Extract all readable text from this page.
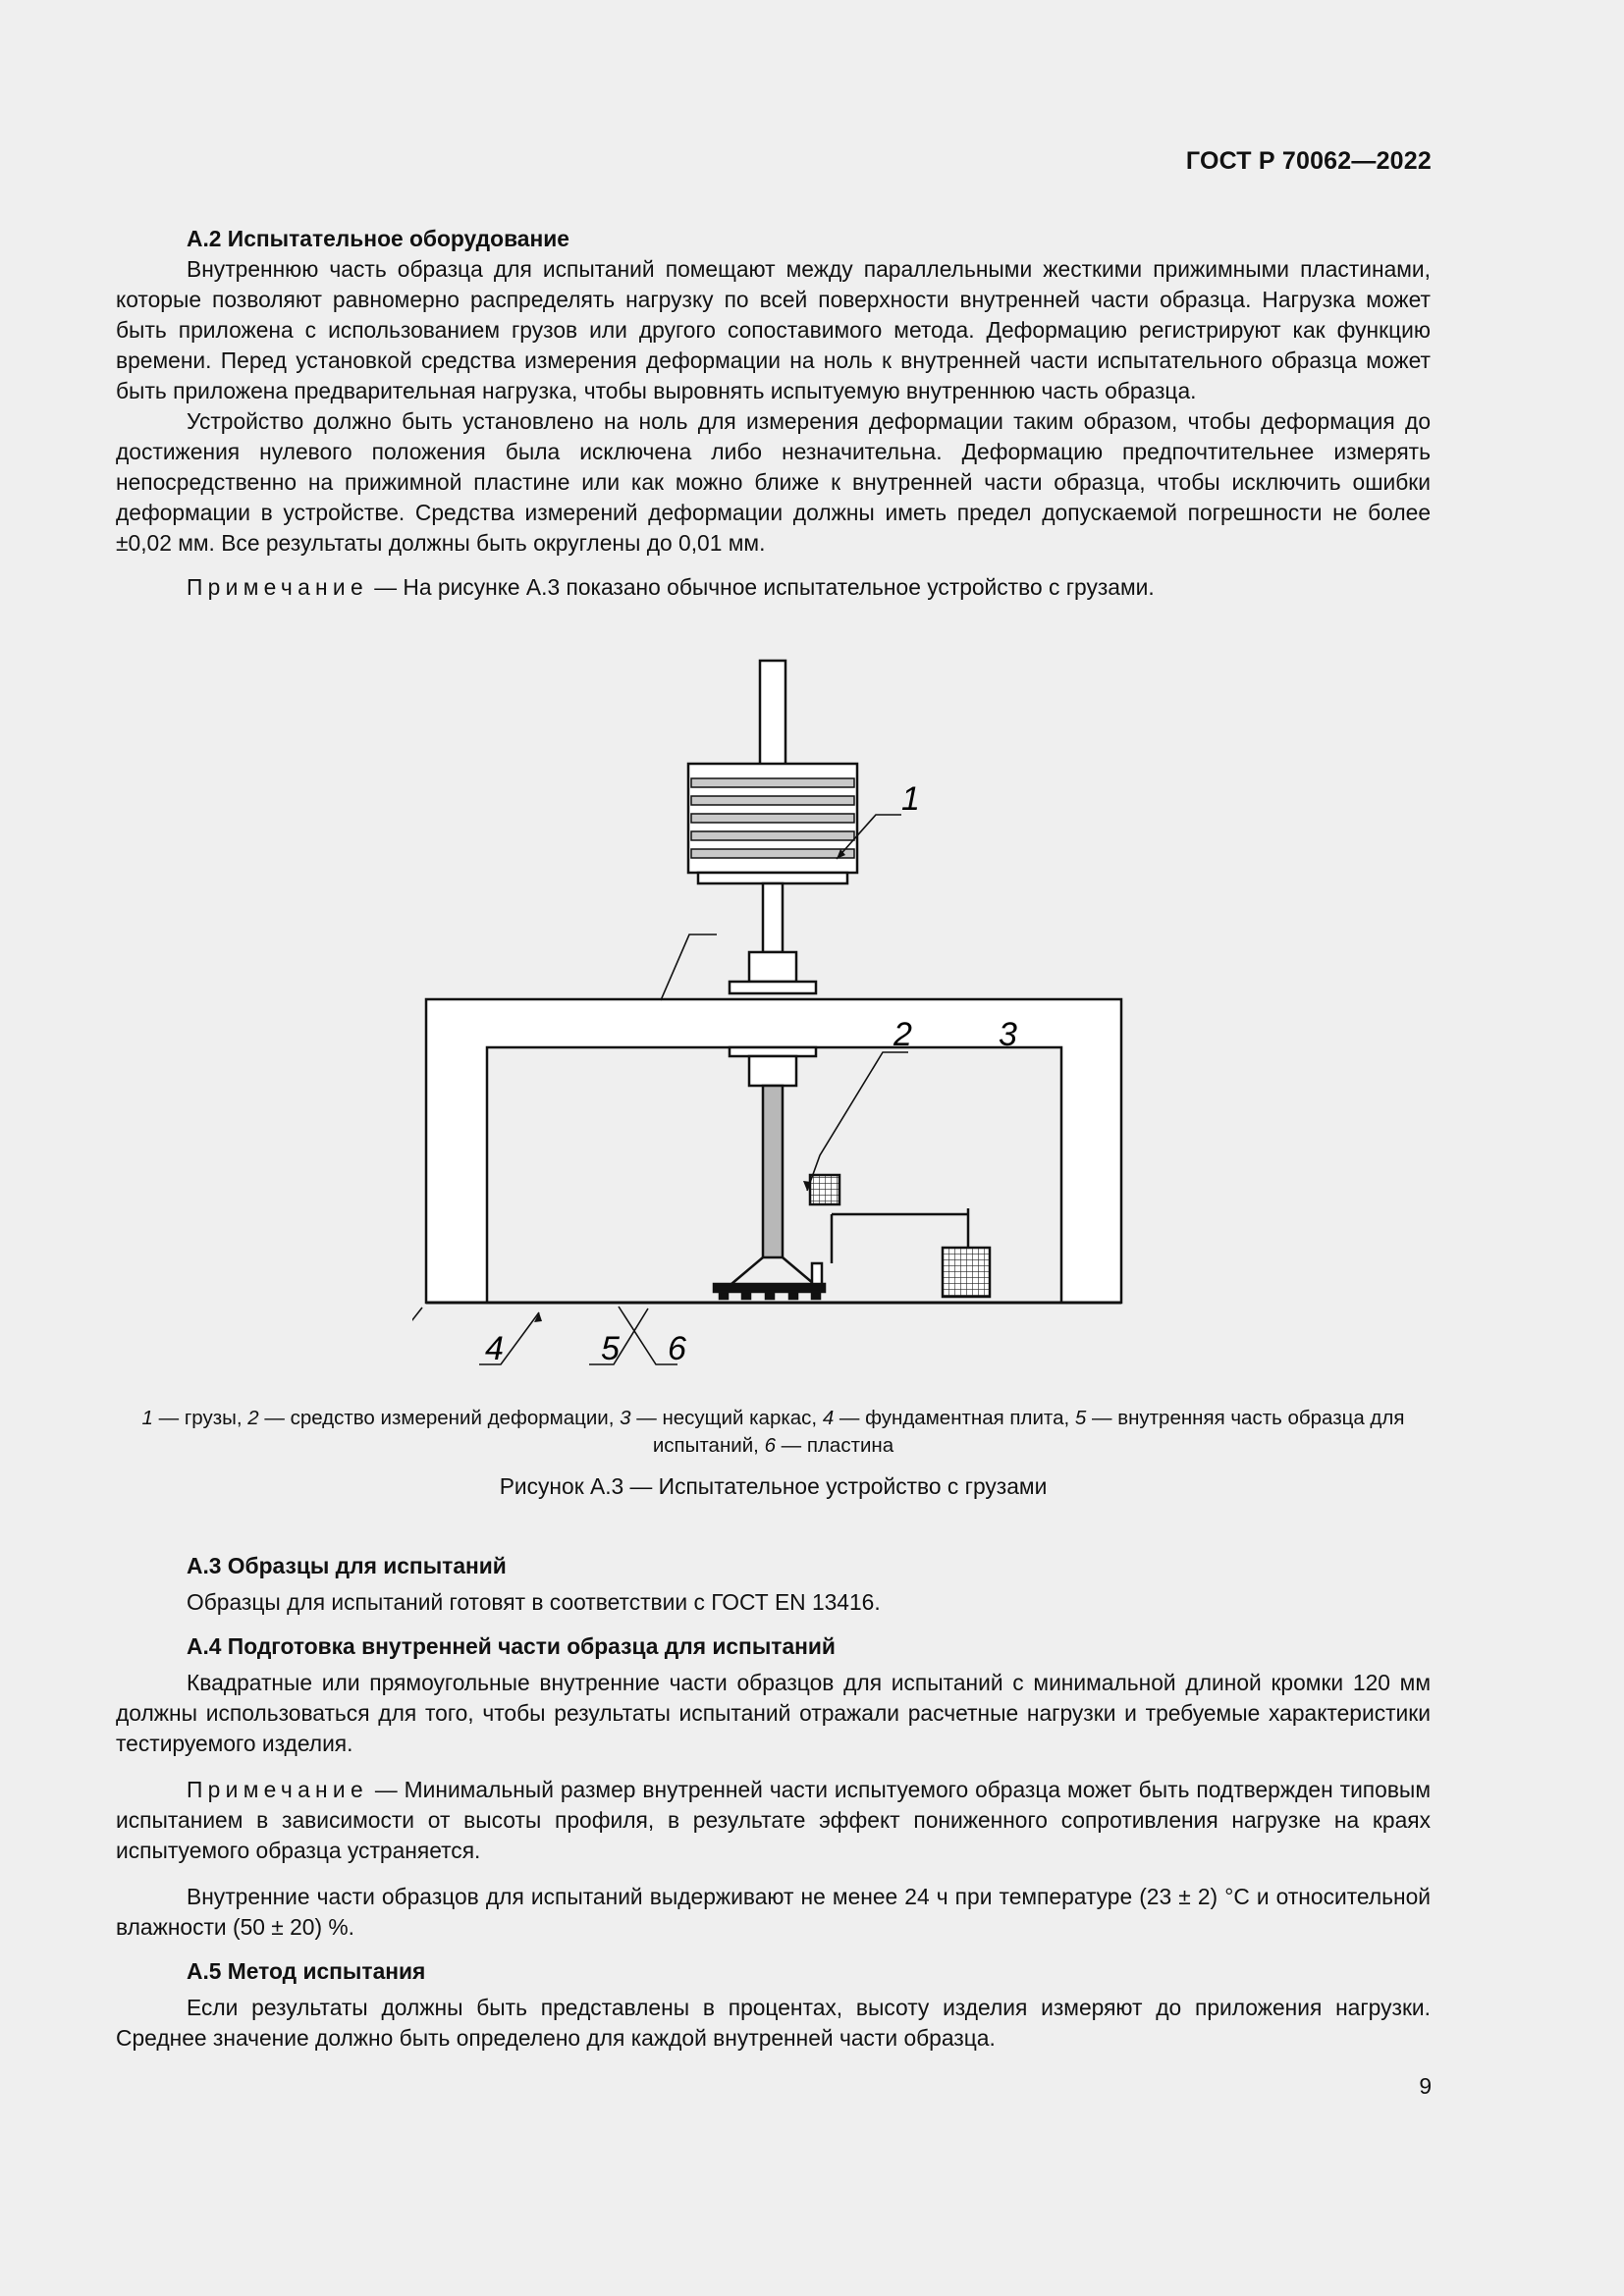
ГОСТ Р 70062—2022

А.2 Испытательное оборудование

Внутреннюю часть образца для испытаний помещают между параллельными жесткими прижимными пластинами, которые позволяют равномерно распределять нагрузку по всей поверхности внутренней части образца. Нагрузка может быть приложена с использованием грузов или другого сопоставимого метода. Деформацию регистрируют как функцию времени. Перед установкой средства измерения деформации на ноль к внутренней части испытательного образца может быть приложена предварительная нагрузка, чтобы выровнять испытуемую внутреннюю часть образца.

Устройство должно быть установлено на ноль для измерения деформации таким образом, чтобы деформация до достижения нулевого положения была исключена либо незначительна. Деформацию предпочтительнее измерять непосредственно на прижимной пластине или как можно ближе к внутренней части образца, чтобы исключить ошибки деформации в устройстве. Средства измерений деформации должны иметь предел допускаемой погрешности не более ±0,02 мм. Все результаты должны быть округлены до 0,01 мм.

Примечание — На рисунке А.3 показано обычное испытательное устройство с грузами.

1
2	3
4	5 6
1 — грузы, 2 — средство измерений деформации, 3 — несущий каркас, 4 — фундаментная плита, 5 — внутренняя часть образца для испытаний, 6 — пластина
Рисунок А.3 — Испытательное устройство с грузами

А.3 Образцы для испытаний

Образцы для испытаний готовят в соответствии с ГОСТ EN 13416.

А.4 Подготовка внутренней части образца для испытаний

Квадратные или прямоугольные внутренние части образцов для испытаний с минимальной длиной кромки 120 мм должны использоваться для того, чтобы результаты испытаний отражали расчетные нагрузки и требуемые характеристики тестируемого изделия.

Примечание — Минимальный размер внутренней части испытуемого образца может быть подтвержден типовым испытанием в зависимости от высоты профиля, в результате эффект пониженного сопротивления нагрузке на краях испытуемого образца устраняется.

Внутренние части образцов для испытаний выдерживают не менее 24 ч при температуре (23 ± 2) °С и относительной влажности (50 ± 20) %.

А.5 Метод испытания

Если результаты должны быть представлены в процентах, высоту изделия измеряют до приложения нагрузки. Среднее значение должно быть определено для каждой внутренней части образца.

9
